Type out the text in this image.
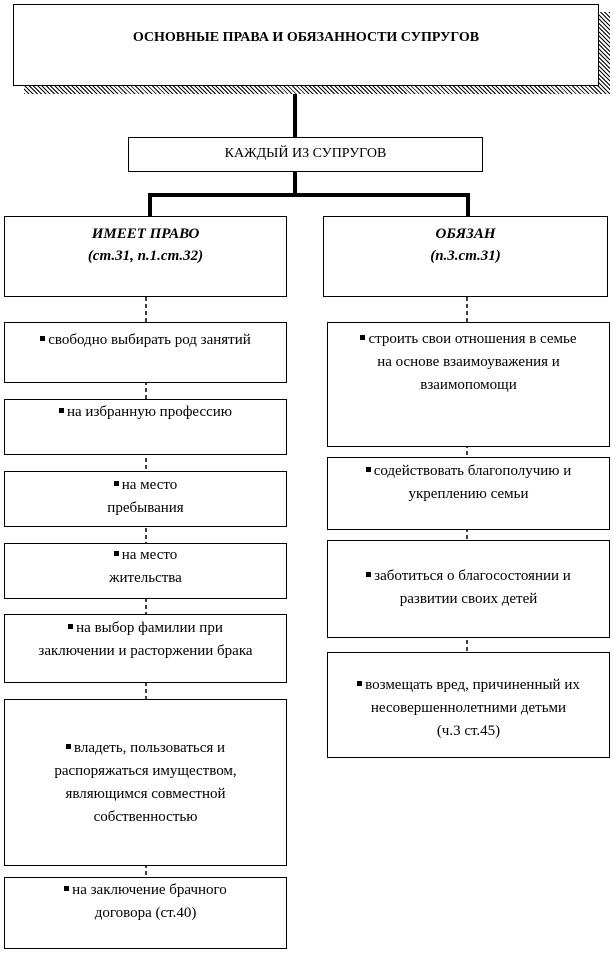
ОСНОВНЫЕ ПРАВА И ОБЯЗАННОСТИ СУПРУГОВ
КАЖДЫЙ ИЗ СУПРУГОВ
ИМЕЕТ ПРАВО
(ст.31, п.1.ст.32)
ОБЯЗАН
(п.3.ст.31)
свободно выбирать род занятий
на избранную профессию
на место
пребывания
на место
жительства
на выбор фамилии при
заключении и расторжении брака
владеть, пользоваться и
распоряжаться имуществом,
являющимся совместной
собственностью
на заключение брачного
договора (ст.40)
строить свои отношения в семье
на основе взаимоуважения и
взаимопомощи
содействовать благополучию и
укреплению семьи
заботиться о благосостоянии и
развитии своих детей
возмещать вред, причиненный их
несовершеннолетними детьми
(ч.3 ст.45)
